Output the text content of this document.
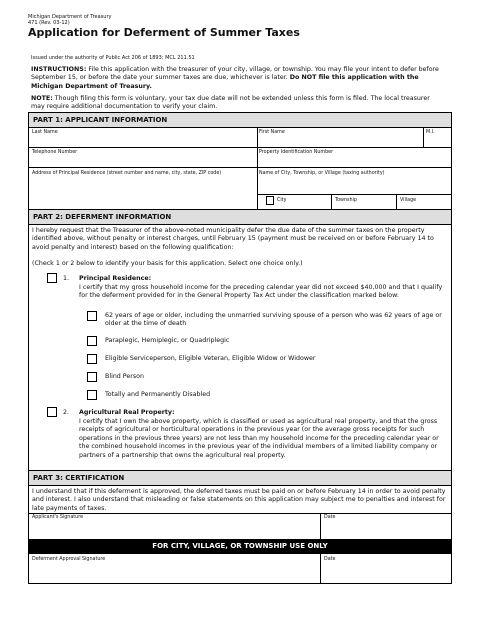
Michigan Department of Treasury
471 (Rev. 03-12)
Application for Deferment of Summer Taxes
Issued under the authority of Public Act 206 of 1893; MCL 211.51
INSTRUCTIONS: File this application with the treasurer of your city, village, or township. You may file your intent to defer before September 15, or before the date your summer taxes are due, whichever is later. Do NOT file this application with the Michigan Department of Treasury.
NOTE: Though filing this form is voluntary, your tax due date will not be extended unless this form is filed. The local treasurer may require additional documentation to verify your claim.
PART 1: APPLICANT INFORMATION
Last Name	First Name	M.I.
Telephone Number	Property Identification Number
Address of Principal Residence (street number and name, city, state, ZIP code)	Name of City, Township, or Village (taxing authority)
City	Township	Village
PART 2: DEFERMENT INFORMATION
I hereby request that the Treasurer of the above-noted municipality defer the due date of the summer taxes on the property identified above, without penalty or interest charges, until February 15 (payment must be received on or before February 14 to avoid penalty and interest) based on the following qualification:
(Check 1 or 2 below to identify your basis for this application. Select one choice only.)
1. Principal Residence:
I certify that my gross household income for the preceding calendar year did not exceed $40,000 and that I qualify for the deferment provided for in the General Property Tax Act under the classification marked below:
62 years of age or older, including the unmarried surviving spouse of a person who was 62 years of age or older at the time of death
Paraplegic, Hemiplegic, or Quadriplegic
Eligible Serviceperson, Eligible Veteran, Eligible Widow or Widower
Blind Person
Totally and Permanently Disabled
2. Agricultural Real Property:
I certify that I own the above property, which is classified or used as agricultural real property, and that the gross receipts of agricultural or horticultural operations in the previous year (or the average gross receipts for such operations in the previous three years) are not less than my household income for the preceding calendar year or the combined household incomes in the previous year of the individual members of a limited liability company or partners of a partnership that owns the agricultural real property.
PART 3: CERTIFICATION
I understand that if this deferment is approved, the deferred taxes must be paid on or before February 14 in order to avoid penalty and interest. I also understand that misleading or false statements on this application may subject me to penalties and interest for late payments of taxes.
Applicant's Signature	Date
FOR CITY, VILLAGE, OR TOWNSHIP USE ONLY
Deferment Approval Signature	Date
